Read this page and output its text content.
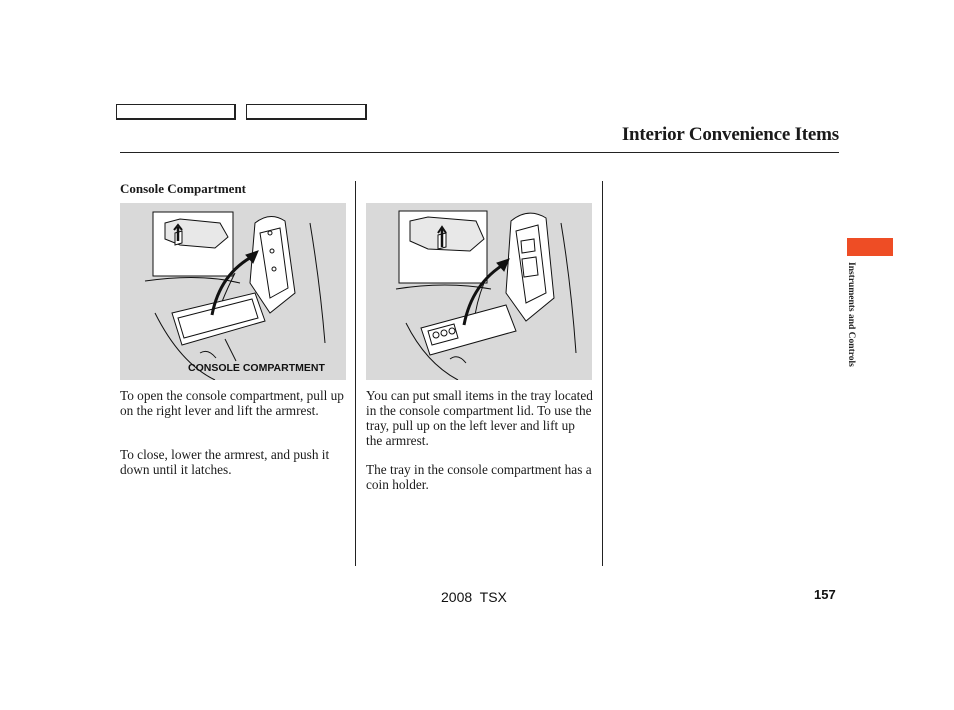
Interior Convenience Items
Console Compartment
CONSOLE COMPARTMENT

To open the console compartment, pull up on the right lever and lift the armrest.

To close, lower the armrest, and push it down until it latches.

You can put small items in the tray located in the console compartment lid. To use the tray, pull up on the left lever and lift up the armrest.

The tray in the console compartment has a coin holder.

Instruments and Controls
2008  TSX	157
